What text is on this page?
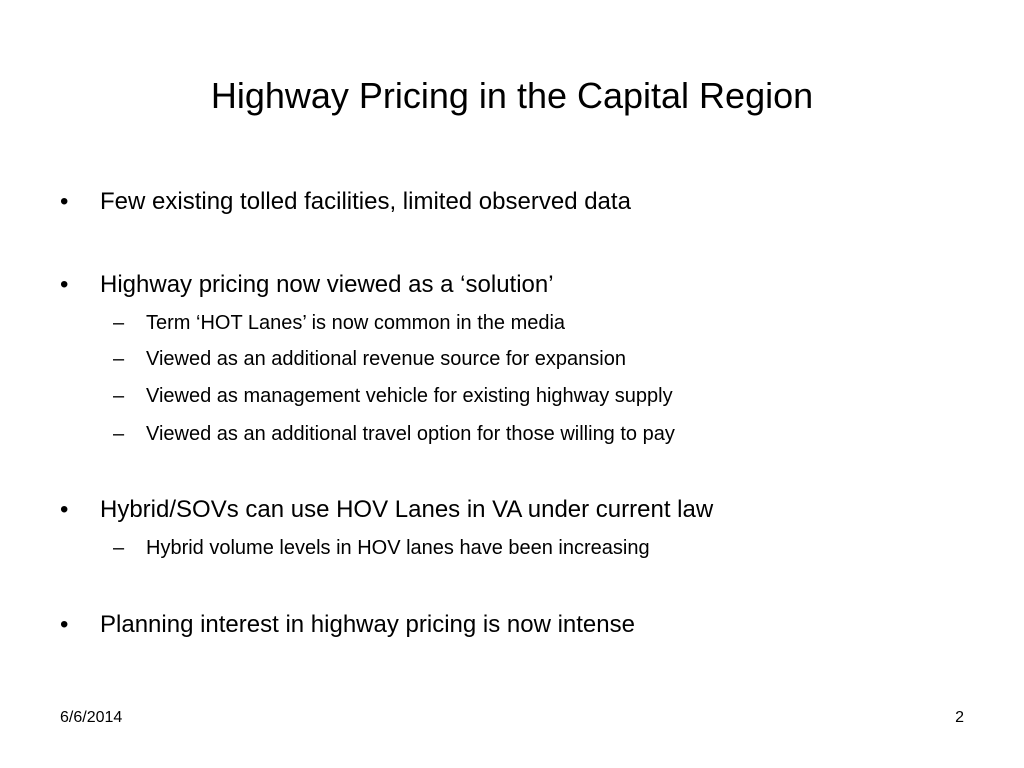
Highway Pricing in the Capital Region
• Few existing tolled facilities, limited observed data
• Highway pricing now viewed as a ‘solution’
– Term ‘HOT Lanes’ is now common in the media
– Viewed as an additional revenue source for expansion
– Viewed as management vehicle for existing highway supply
– Viewed as an additional travel option for those willing to pay
• Hybrid/SOVs can use HOV Lanes in VA under current law
– Hybrid volume levels in HOV lanes have been increasing
• Planning interest in highway pricing is now intense
6/6/2014	2
